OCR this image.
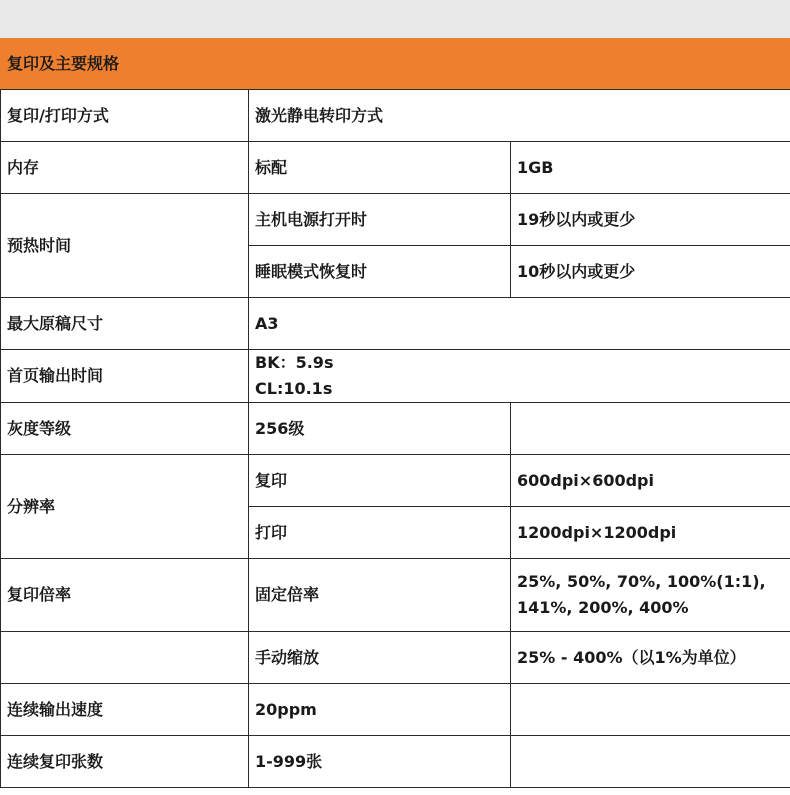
复印及主要规格		
复印/打印方式	激光静电转印方式	
内存	标配	1GB
预热时间	主机电源打开时	19秒以内或更少
	睡眠模式恢复时	10秒以内或更少
最大原稿尺寸	A3	
首页输出时间	BK：5.9s
CL:10.1s	

灰度等级	256级	
分辨率	复印	600dpi×600dpi
	打印	1200dpi×1200dpi
复印倍率	固定倍率	25%, 50%, 70%, 100%(1:1),
141%, 200%, 400%

	手动缩放	25% - 400%（以1%为单位）
连续输出速度	20ppm	
连续复印张数	1-999张	
